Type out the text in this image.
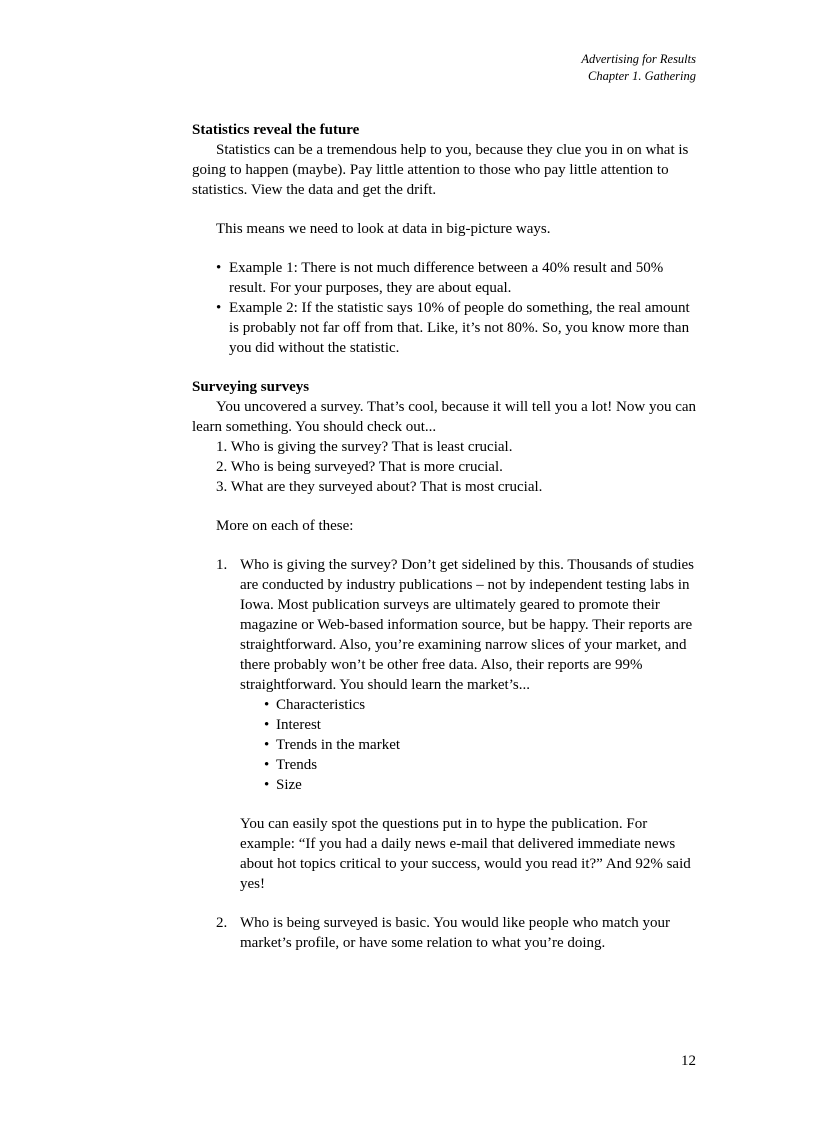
Advertising for Results
Chapter 1. Gathering
Statistics reveal the future

Statistics can be a tremendous help to you, because they clue you in on what is going to happen (maybe). Pay little attention to those who pay little attention to statistics. View the data and get the drift.

This means we need to look at data in big-picture ways.

• Example 1: There is not much difference between a 40% result and 50% result. For your purposes, they are about equal.
• Example 2: If the statistic says 10% of people do something, the real amount is probably not far off from that. Like, it’s not 80%. So, you know more than you did without the statistic.
Surveying surveys

You uncovered a survey. That’s cool, because it will tell you a lot! Now you can learn something. You should check out...

1. Who is giving the survey? That is least crucial.
2. Who is being surveyed? That is more crucial.
3. What are they surveyed about? That is most crucial.

More on each of these:

1. Who is giving the survey? Don’t get sidelined by this. Thousands of studies are conducted by industry publications – not by independent testing labs in Iowa. Most publication surveys are ultimately geared to promote their magazine or Web-based information source, but be happy. Their reports are straightforward. Also, you’re examining narrow slices of your market, and there probably won’t be other free data. Also, their reports are 99% straightforward. You should learn the market’s...
• Characteristics
• Interest
• Trends in the market
• Trends
• Size
You can easily spot the questions put in to hype the publication. For example: “If you had a daily news e-mail that delivered immediate news about hot topics critical to your success, would you read it?” And 92% said yes!
2. Who is being surveyed is basic. You would like people who match your market’s profile, or have some relation to what you’re doing.
12
